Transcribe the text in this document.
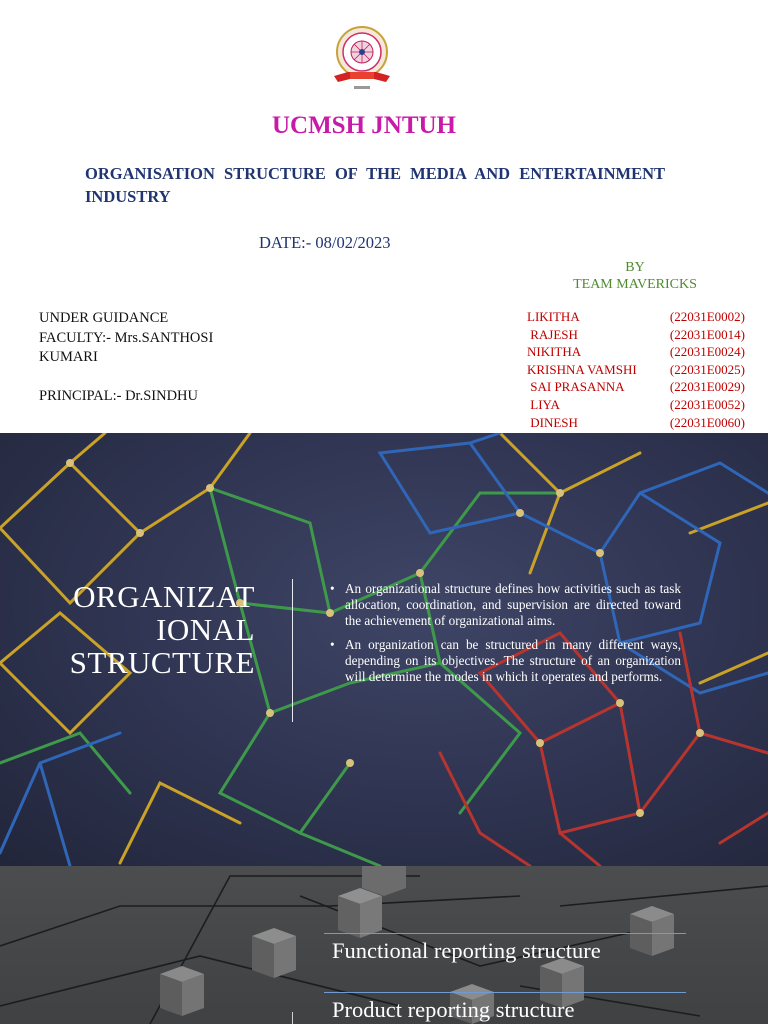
UCMSH JNTUH
ORGANISATION STRUCTURE OF THE MEDIA AND ENTERTAINMENT INDUSTRY
DATE:- 08/02/2023
BY
TEAM MAVERICKS
UNDER GUIDANCE
FACULTY:- Mrs.SANTHOSI
KUMARI
PRINCIPAL:- Dr.SINDHU
LIKITHA	(22031E0002)
RAJESH	(22031E0014)
NIKITHA	(22031E0024)
KRISHNA VAMSHI	(22031E0025)
SAI PRASANNA	(22031E0029)
LIYA	(22031E0052)
DINESH	(22031E0060)
ORGANIZAT
IONAL
STRUCTURE
• An organizational structure defines how activities such as task allocation, coordination, and supervision are directed toward the achievement of organizational aims.
• An organization can be structured in many different ways, depending on its objectives. The structure of an organization will determine the modes in which it operates and performs.
Functional reporting structure
Product reporting structure
